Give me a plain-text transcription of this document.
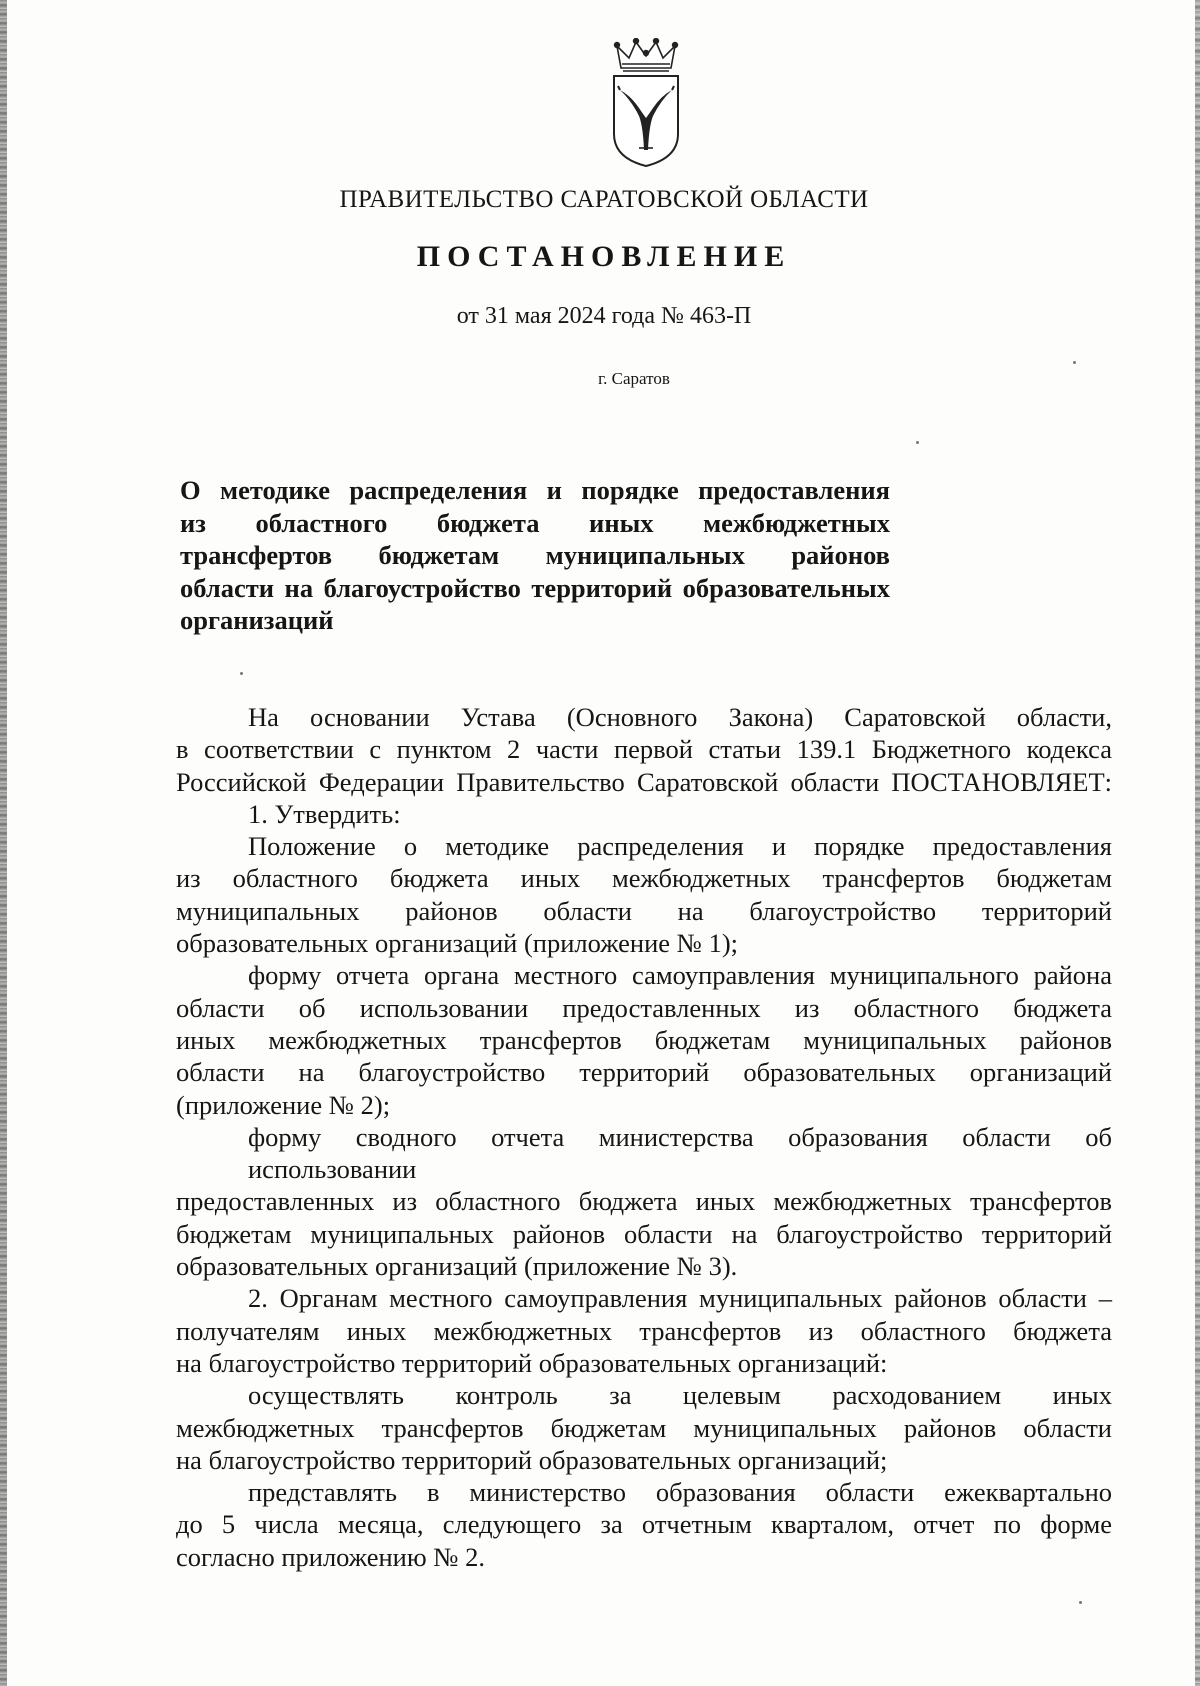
ПРАВИТЕЛЬСТВО САРАТОВСКОЙ ОБЛАСТИ
ПОСТАНОВЛЕНИЕ
от 31 мая 2024 года № 463-П
г. Саратов
О методике распределения и порядке предоставления
из областного бюджета иных межбюджетных
трансфертов бюджетам муниципальных районов
области на благоустройство территорий образовательных
организаций
На основании Устава (Основного Закона) Саратовской области,
в соответствии с пунктом 2 части первой статьи 139.1 Бюджетного кодекса
Российской Федерации Правительство Саратовской области ПОСТАНОВЛЯЕТ:
1. Утвердить:
Положение о методике распределения и порядке предоставления
из областного бюджета иных межбюджетных трансфертов бюджетам
муниципальных районов области на благоустройство территорий
образовательных организаций (приложение № 1);
форму отчета органа местного самоуправления муниципального района
области об использовании предоставленных из областного бюджета
иных межбюджетных трансфертов бюджетам муниципальных районов
области на благоустройство территорий образовательных организаций
(приложение № 2);
форму сводного отчета министерства образования области об использовании
предоставленных из областного бюджета иных межбюджетных трансфертов
бюджетам муниципальных районов области на благоустройство территорий
образовательных организаций (приложение № 3).
2. Органам местного самоуправления муниципальных районов области –
получателям иных межбюджетных трансфертов из областного бюджета
на благоустройство территорий образовательных организаций:
осуществлять контроль за целевым расходованием иных
межбюджетных трансфертов бюджетам муниципальных районов области
на благоустройство территорий образовательных организаций;
представлять в министерство образования области ежеквартально
до 5 числа месяца, следующего за отчетным кварталом, отчет по форме
согласно приложению № 2.
